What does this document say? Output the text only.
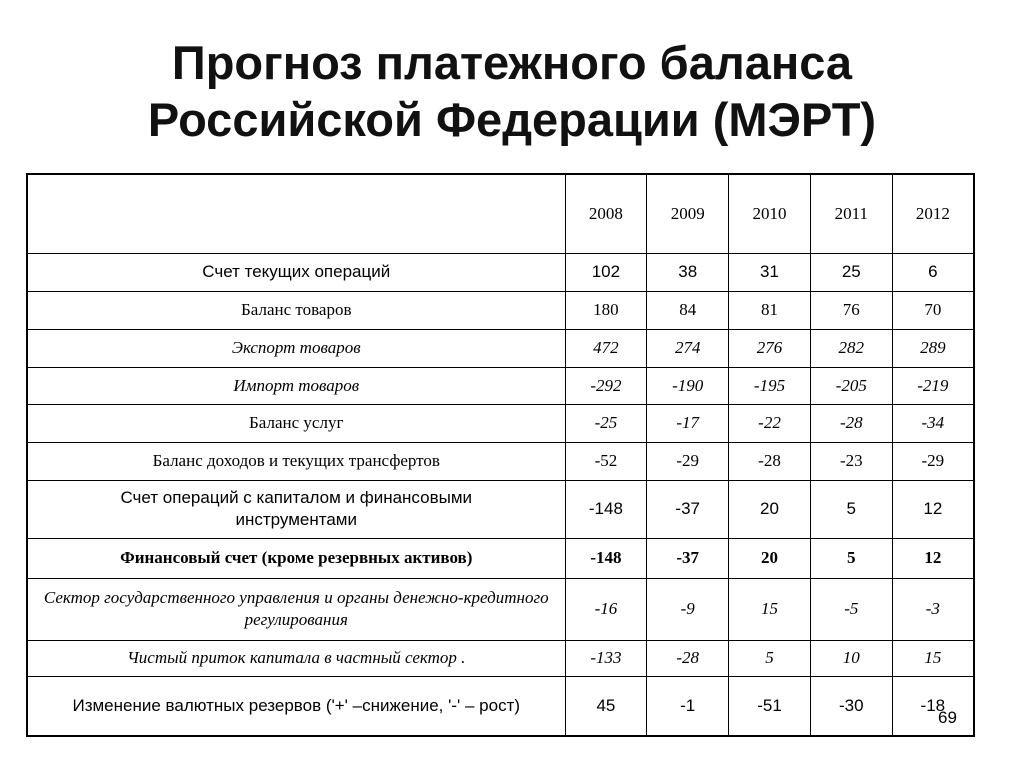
Прогноз платежного баланса
Российской Федерации (МЭРТ)
	2008	2009	2010	2011	2012
Счет текущих операций	102	38	31	25	6
Баланс товаров	180	84	81	76	70
Экспорт товаров	472	274	276	282	289
Импорт товаров	-292	-190	-195	-205	-219
Баланс услуг	-25	-17	-22	-28	-34
Баланс доходов и текущих трансфертов	-52	-29	-28	-23	-29
Счет операций с капиталом и финансовыми инструментами	-148	-37	20	5	12
Финансовый счет (кроме резервных активов)	-148	-37	20	5	12
Сектор государственного управления и органы денежно-кредитного регулирования	-16	-9	15	-5	-3
Чистый приток капитала в частный сектор .	-133	-28	5	10	15
Изменение валютных резервов ('+' –снижение, '-' – рост)	45	-1	-51	-30	-18
69
